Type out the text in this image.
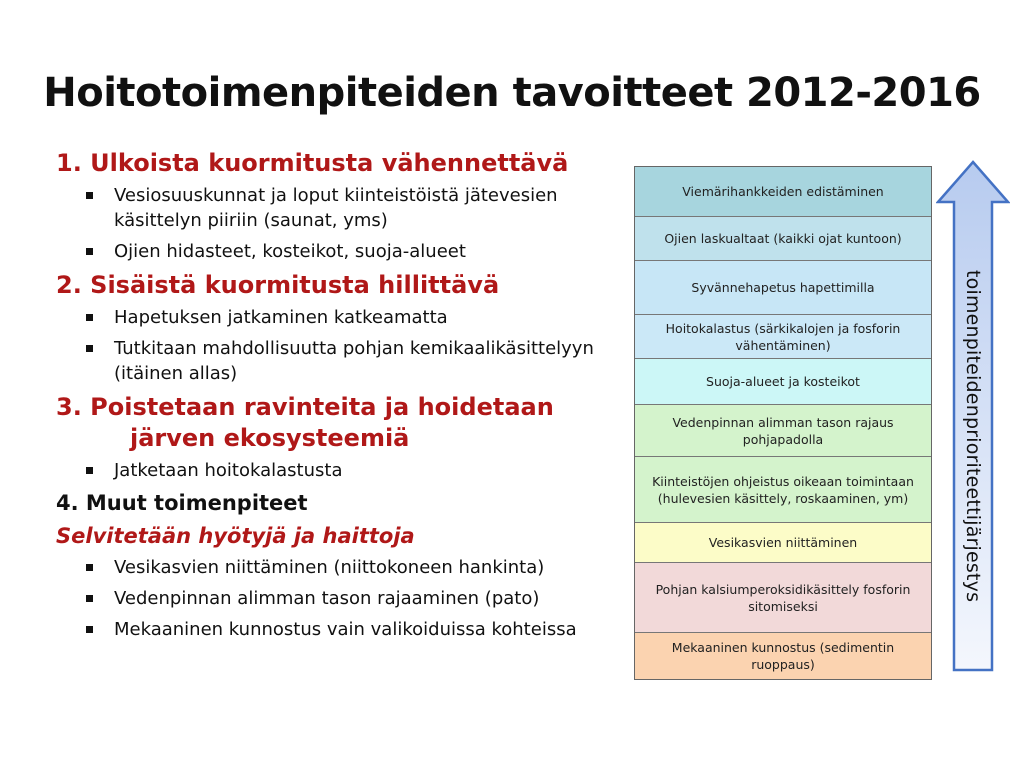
Hoitotoimenpiteiden tavoitteet 2012-2016
1. Ulkoista kuormitusta vähennettävä
Vesiosuuskunnat ja loput kiinteistöistä jätevesien käsittelyn piiriin (saunat, yms)
Ojien hidasteet, kosteikot, suoja-alueet
2. Sisäistä kuormitusta hillittävä
Hapetuksen jatkaminen katkeamatta
Tutkitaan mahdollisuutta pohjan kemikaalikäsittelyyn (itäinen allas)
3. Poistetaan ravinteita ja hoidetaan
järven ekosysteemiä
Jatketaan hoitokalastusta
4. Muut toimenpiteet
Selvitetään hyötyjä ja haittoja
Vesikasvien niittäminen (niittokoneen hankinta)
Vedenpinnan alimman tason rajaaminen (pato)
Mekaaninen kunnostus vain valikoiduissa kohteissa
Viemärihankkeiden edistäminen
Ojien laskualtaat (kaikki ojat kuntoon)
Syvännehapetus hapettimilla
Hoitokalastus (särkikalojen ja fosforin vähentäminen)
Suoja-alueet ja kosteikot
Vedenpinnan alimman tason rajaus pohjapadolla
Kiinteistöjen ohjeistus oikeaan toimintaan (hulevesien käsittely, roskaaminen, ym)
Vesikasvien niittäminen
Pohjan kalsiumperoksidikäsittely fosforin sitomiseksi
Mekaaninen kunnostus (sedimentin ruoppaus)
toimenpiteidenprioriteettijärjestys
